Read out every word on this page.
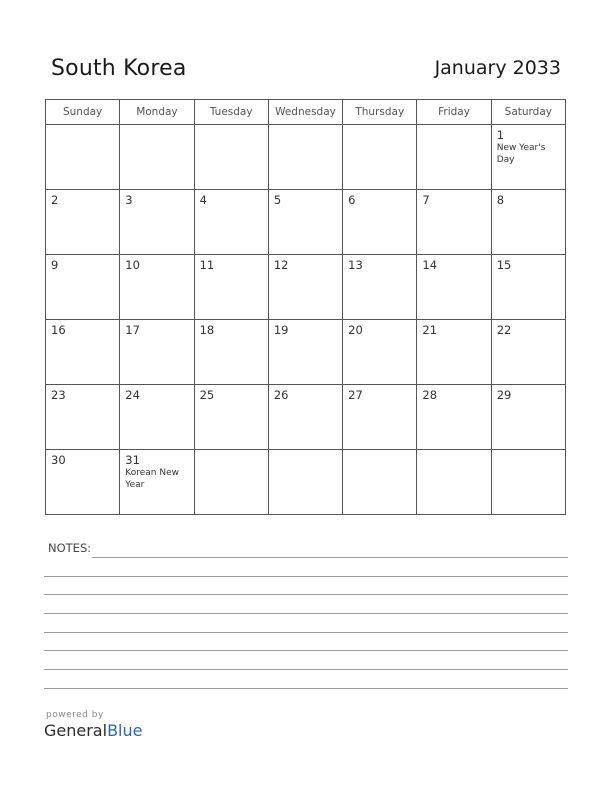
South Korea	January 2033
Sunday	Monday	Tuesday	Wednesday	Thursday	Friday	Saturday

						1
New Year's Day

2	3	4	5	6	7	8

9	10	11	12	13	14	15

16	17	18	19	20	21	22

23	24	25	26	27	28	29

30	31
Korean New Year					

NOTES:
powered by
GeneralBlue
